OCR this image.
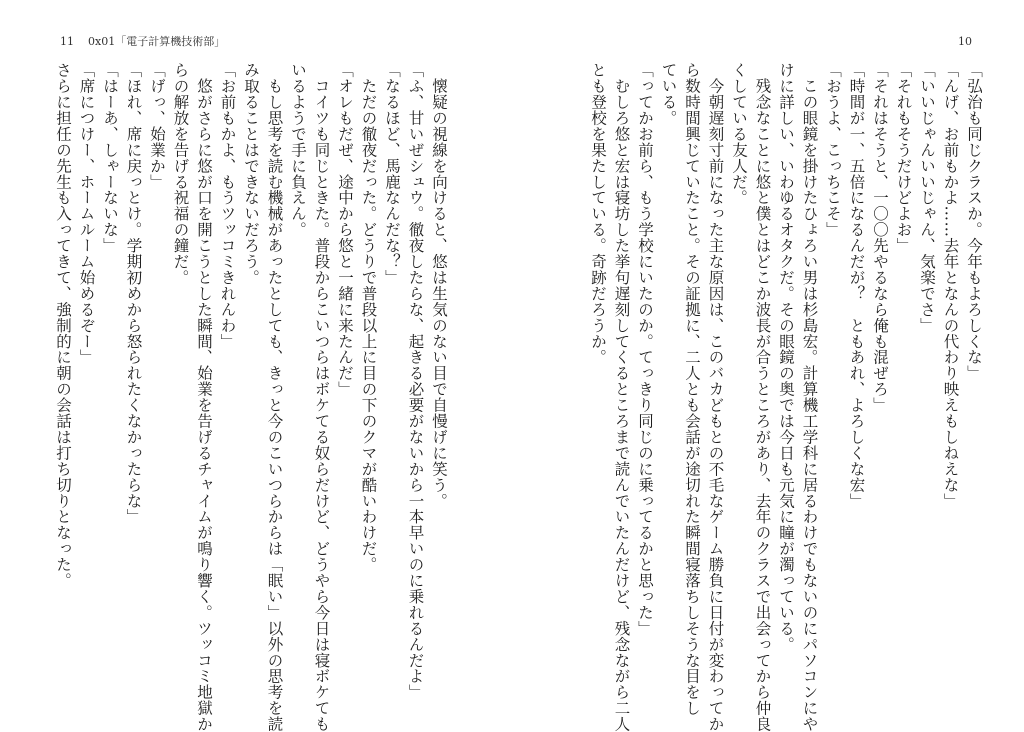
11 0x01「電子計算機技術部」	10
　懐疑の視線を向けると、悠は生気のない目で自慢げに笑う。
「ふ、甘いぜシュウ。徹夜したらな、起きる必要がないから一本早いのに乗れるんだよ」
「なるほど、馬鹿なんだな？」
　ただの徹夜だった。どうりで普段以上に目の下のクマが酷いわけだ。
「オレもだぜ、途中から悠と一緒に来たんだ」
　コイツも同じときた。普段からこいつらはボケてる奴らだけど、どうやら今日は寝ボケても
いるようで手に負えん。
　もし思考を読む機械があったとしても、きっと今のこいつらからは「眠い」以外の思考を読
み取ることはできないだろう。
「お前もかよ、もうツッコミきれんわ」
　悠がさらに悠が口を開こうとした瞬間、始業を告げるチャイムが鳴り響く。ツッコミ地獄か
らの解放を告げる祝福の鐘だ。
「げっ、始業か」
「ほれ、席に戻っとけ。学期初めから怒られたくなかったらな」
「はーあ、しゃーないな」
「席につけー、ホームルーム始めるぞー」
さらに担任の先生も入ってきて、強制的に朝の会話は打ち切りとなった。	「弘治も同じクラスか。今年もよろしくな」
「んげ、お前もかよ……去年となんの代わり映えもしねえな」
「いいじゃんいいじゃん、気楽でさ」
「それもそうだけどよお」
「それはそうと、一〇〇先やるなら俺も混ぜろ」
「時間が一、五倍になるんだが？　ともあれ、よろしくな宏」
「おうよ、こっちこそ」
　この眼鏡を掛けたひょろい男は杉島宏。計算機工学科に居るわけでもないのにパソコンにや
けに詳しい、いわゆるオタクだ。その眼鏡の奥では今日も元気に瞳が濁っている。
　残念なことに悠と僕とはどこか波長が合うところがあり、去年のクラスで出会ってから仲良
くしている友人だ。
　今朝遅刻寸前になった主な原因は、このバカどもとの不毛なゲーム勝負に日付が変わってか
ら数時間興じていたこと。その証拠に、二人とも会話が途切れた瞬間寝落ちしそうな目をし
ている。
「ってかお前ら、もう学校にいたのか。てっきり同じのに乗ってるかと思った」
　むしろ悠と宏は寝坊した挙句遅刻してくるところまで読んでいたんだけど、残念ながら二人
とも登校を果たしている。奇跡だろうか。
